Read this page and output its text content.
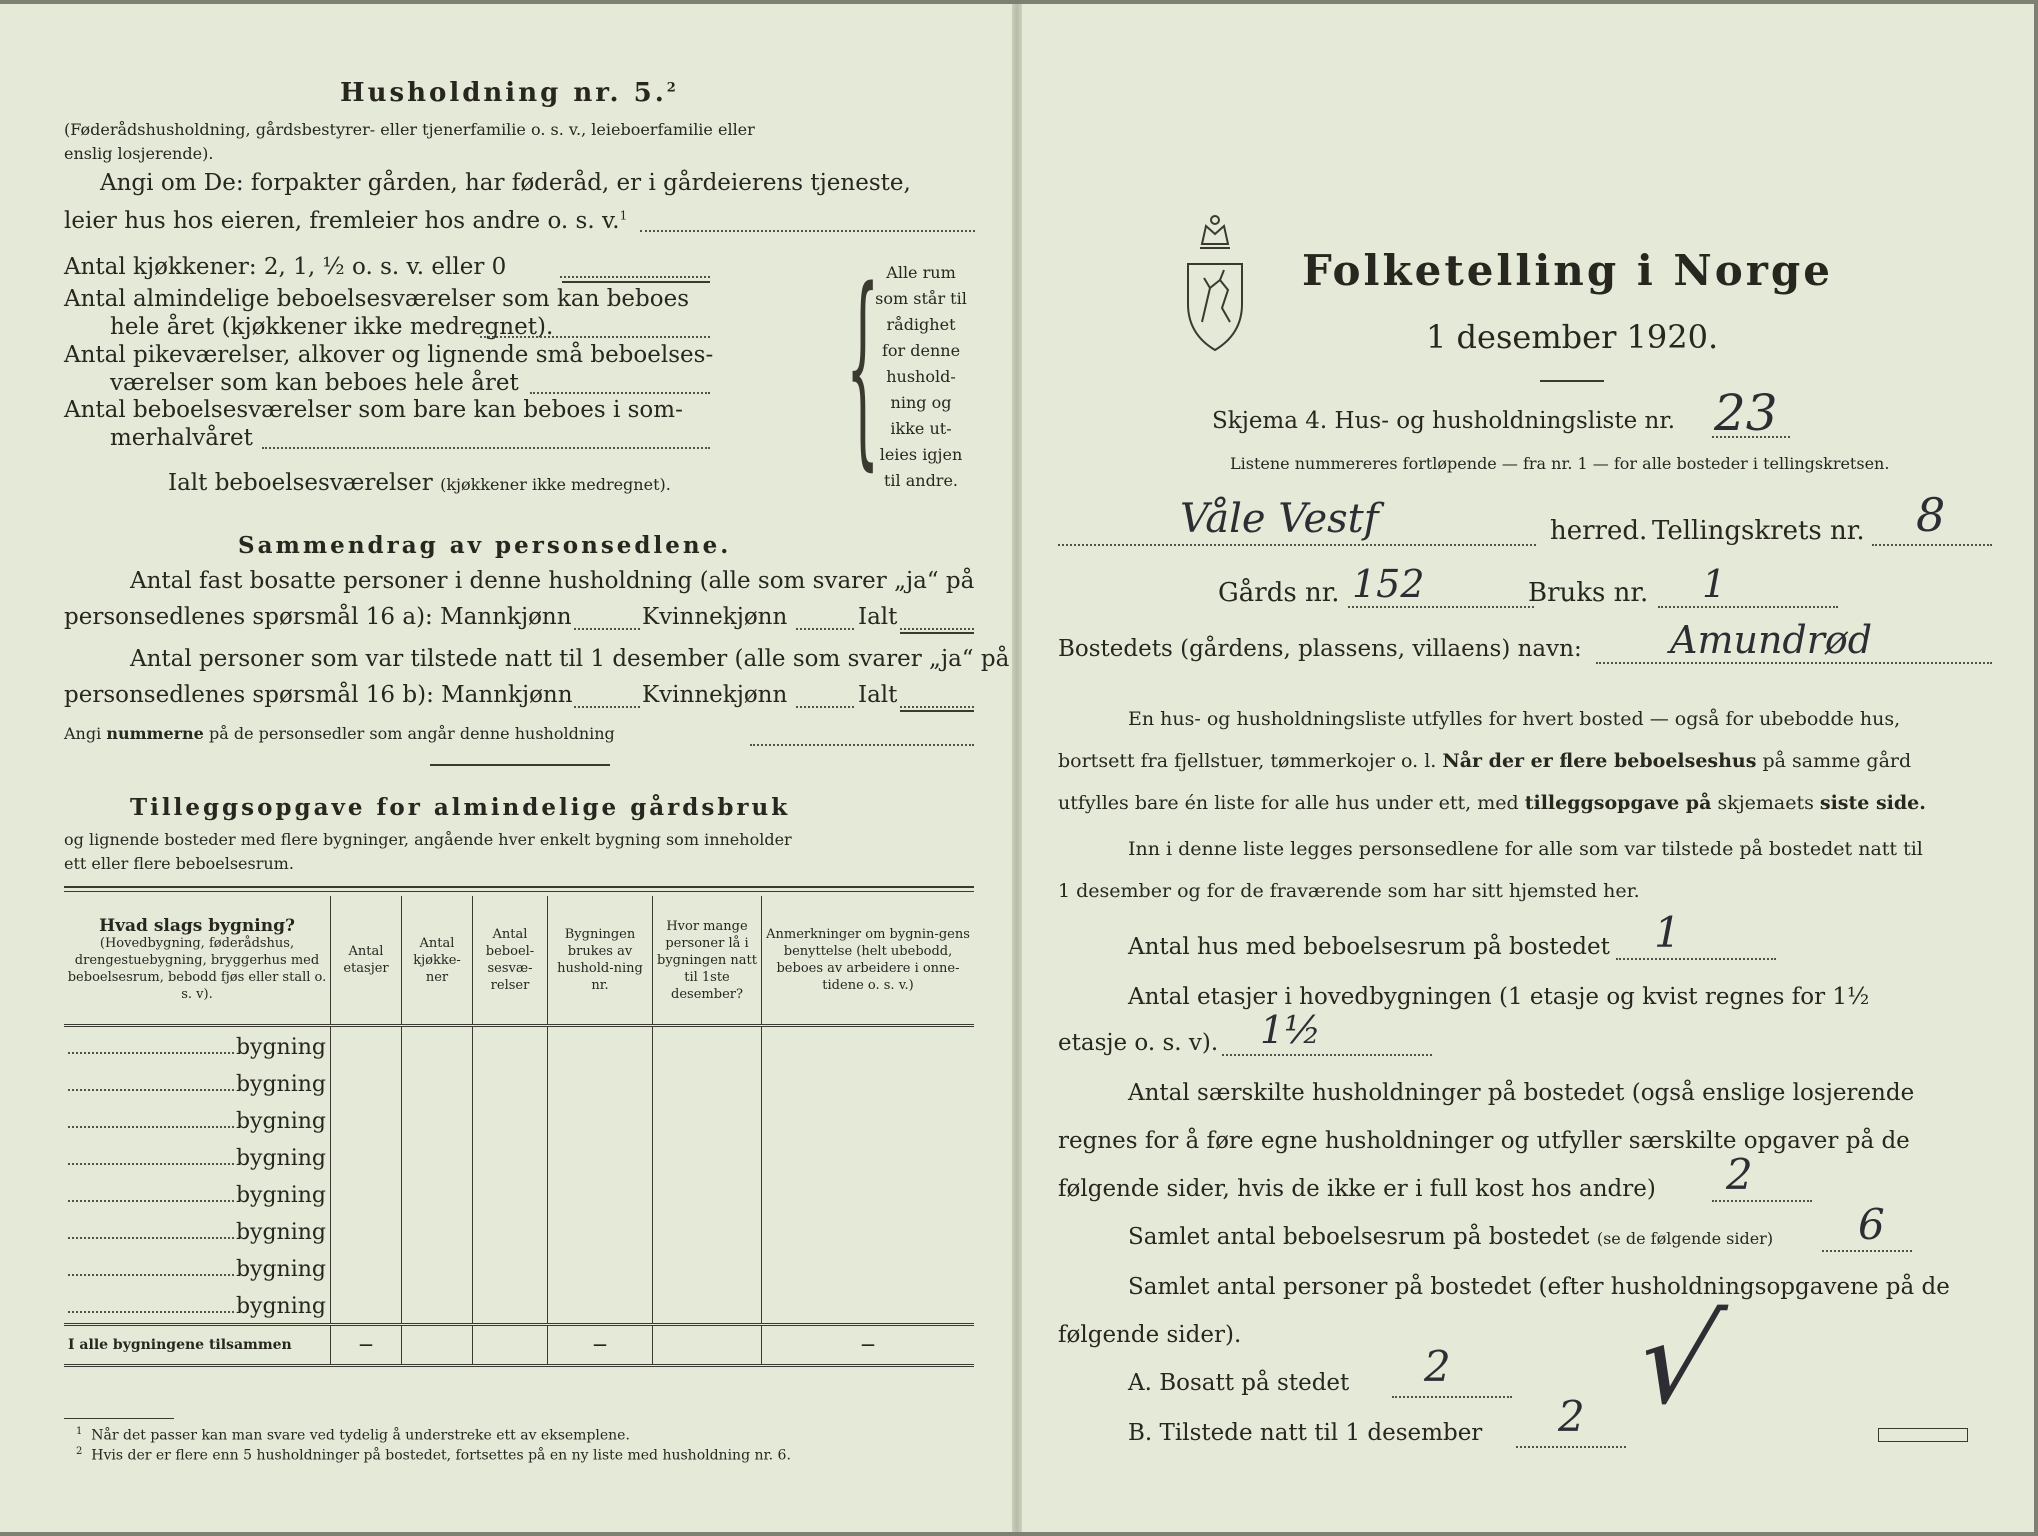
Husholdning nr. 5.$^2$
(Føderådshusholdning, gårdsbestyrer- eller tjenerfamilie o. s. v., leieboerfamilie eller
enslig losjerende).
Angi om De: forpakter gården, har føderåd, er i gårdeierens tjeneste,
leier hus hos eieren, fremleier hos andre o. s. v.$^1$
Antal kjøkkener: 2, 1, ½ o. s. v. eller 0
Antal almindelige beboelsesværelser som kan beboes
hele året (kjøkkener ikke medregnet).
Antal pikeværelser, alkover og lignende små beboelses-
værelser som kan beboes hele året
Antal beboelsesværelser som bare kan beboes i som-
merhalvåret
Ialt beboelsesværelser (kjøkkener ikke medregnet). { Alle rum
som står til
rådighet
for denne
hushold-
ning og
ikke ut-
leies igjen
til andre.
Sammendrag av personsedlene.
Antal fast bosatte personer i denne husholdning (alle som svarer „ja“ på
personsedlenes spørsmål 16 a): Mannkjønn	Kvinnekjønn	Ialt
Antal personer som var tilstede natt til 1 desember (alle som svarer „ja“ på
personsedlenes spørsmål 16 b): Mannkjønn	Kvinnekjønn	Ialt
Angi nummerne på de personsedler som angår denne husholdning
Tilleggsopgave for almindelige gårdsbruk
og lignende bosteder med flere bygninger, angående hver enkelt bygning som inneholder
ett eller flere beboelsesrum.
Hvad slags bygning?
(Hovedbygning, føderådshus, drengestuebygning, bryggerhus med beboelsesrum, bebodd fjøs eller stall o. s. v).	Antal etasjer	Antal kjøkke-ner	Antal beboel-sesvæ-relser	Bygningen brukes av hushold-ning nr.	Hvor mange personer lå i bygningen natt til 1ste desember?	Anmerkninger om bygnin-gens benyttelse (helt ubebodd, beboes av arbeidere i onne-tidene o. s. v.)

bygning						

bygning						

bygning						

bygning						

bygning						

bygning						

bygning						

bygning						

I alle bygningene tilsammen	—			—		—
$^1$ Når det passer kan man svare ved tydelig å understreke ett av eksemplene.
$^2$ Hvis der er flere enn 5 husholdninger på bostedet, fortsettes på en ny liste med husholdning nr. 6.
Folketelling i Norge
1 desember 1920.
Skjema 4. Hus- og husholdningsliste nr. 23
Listene nummereres fortløpende — fra nr. 1 — for alle bosteder i tellingskretsen.
Våle Vestf	herred. Tellingskrets nr. 8
Gårds nr. 152	Bruks nr. 1
Bostedets (gårdens, plassens, villaens) navn: Amundrød
En hus- og husholdningsliste utfylles for hvert bosted — også for ubebodde hus,
bortsett fra fjellstuer, tømmerkojer o. l. Når der er flere beboelseshus på samme gård
utfylles bare én liste for alle hus under ett, med tilleggsopgave på skjemaets siste side.
Inn i denne liste legges personsedlene for alle som var tilstede på bostedet natt til
1 desember og for de fraværende som har sitt hjemsted her.
Antal hus med beboelsesrum på bostedet 1
Antal etasjer i hovedbygningen (1 etasje og kvist regnes for 1½
etasje o. s. v). 1½
Antal særskilte husholdninger på bostedet (også enslige losjerende
regnes for å føre egne husholdninger og utfyller særskilte opgaver på de
følgende sider, hvis de ikke er i full kost hos andre) 2
Samlet antal beboelsesrum på bostedet (se de følgende sider) 6
Samlet antal personer på bostedet (efter husholdningsopgavene på de
følgende sider).
A. Bosatt på stedet 2
B. Tilstede natt til 1 desember 2 √
